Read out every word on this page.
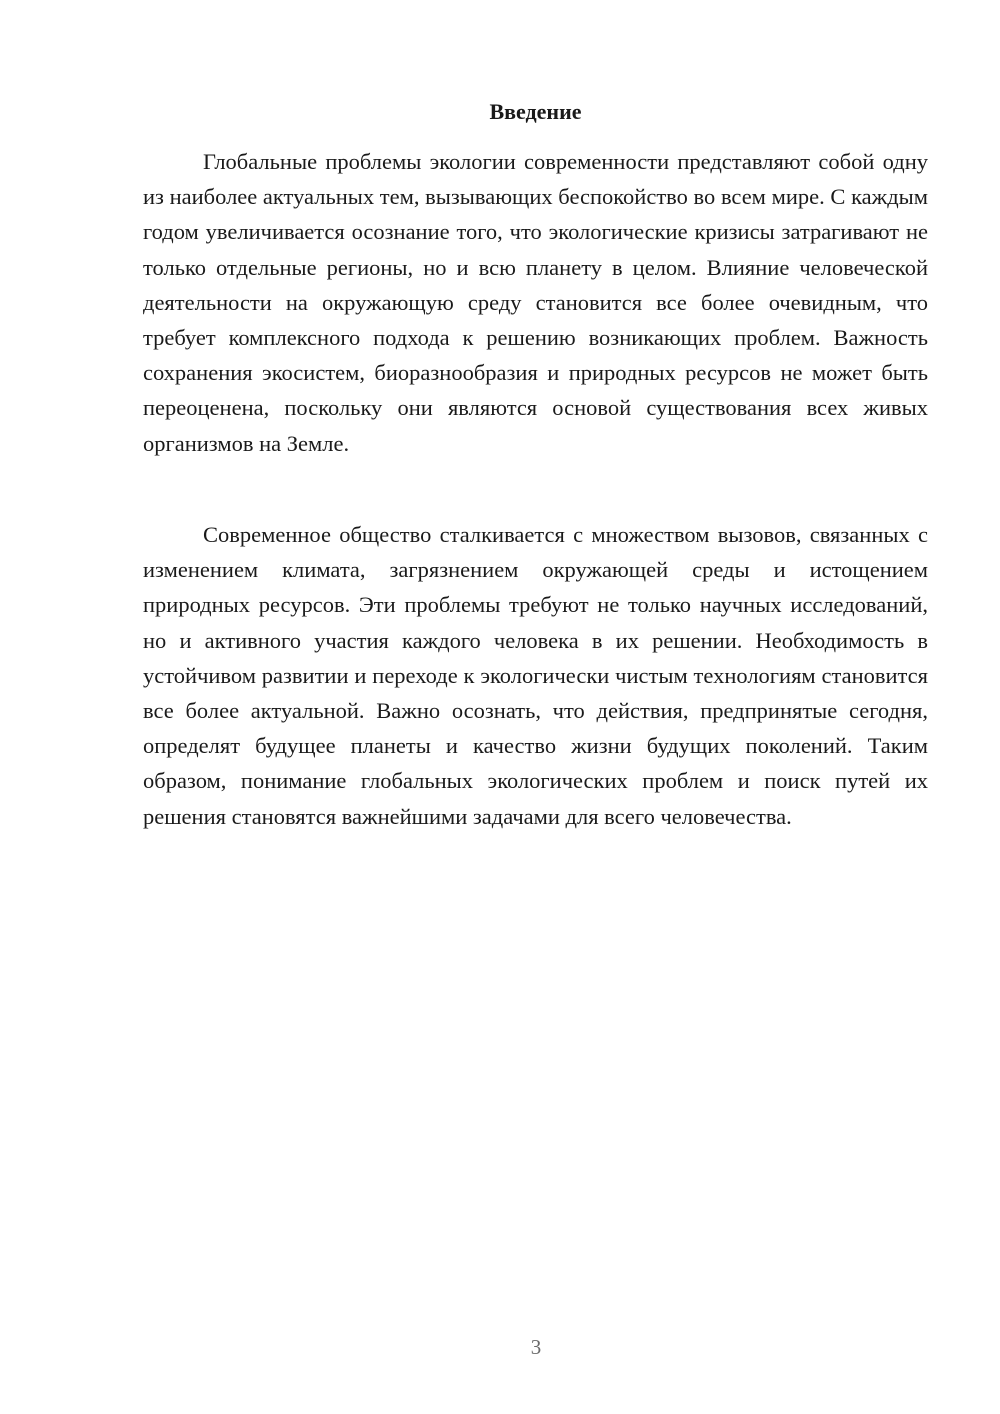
Введение

Глобальные проблемы экологии современности представляют собой одну из наиболее актуальных тем, вызывающих беспокойство во всем мире. С каждым годом увеличивается осознание того, что экологические кризисы затрагивают не только отдельные регионы, но и всю планету в целом. Влияние человеческой деятельности на окружающую среду становится все более очевидным, что требует комплексного подхода к решению возникающих проблем. Важность сохранения экосистем, биоразнообразия и природных ресурсов не может быть переоценена, поскольку они являются основой существования всех живых организмов на Земле.

Современное общество сталкивается с множеством вызовов, связанных с изменением климата, загрязнением окружающей среды и истощением природных ресурсов. Эти проблемы требуют не только научных исследований, но и активного участия каждого человека в их решении. Необходимость в устойчивом развитии и переходе к экологически чистым технологиям становится все более актуальной. Важно осознать, что действия, предпринятые сегодня, определят будущее планеты и качество жизни будущих поколений. Таким образом, понимание глобальных экологических проблем и поиск путей их решения становятся важнейшими задачами для всего человечества.

3
